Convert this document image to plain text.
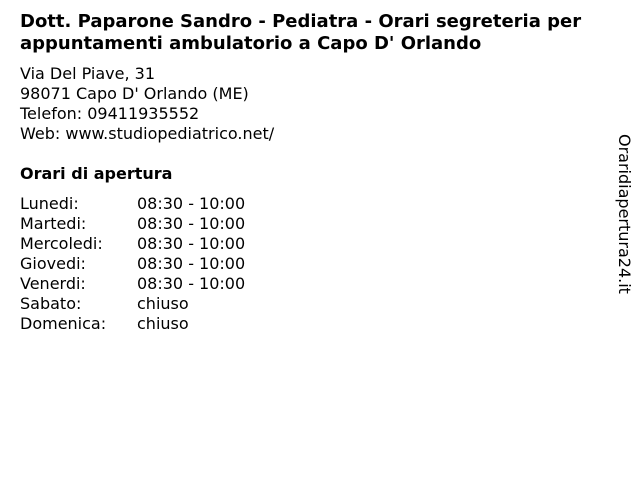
Dott. Paparone Sandro - Pediatra - Orari segreteria per appuntamenti ambulatorio a Capo D' Orlando
Via Del Piave, 31
98071 Capo D' Orlando (ME)
Telefon: 09411935552
Web: www.studiopediatrico.net/
Orari di apertura
Lunedi:	08:30 - 10:00
Martedi:	08:30 - 10:00
Mercoledi: 08:30 - 10:00
Giovedi:	08:30 - 10:00
Venerdi:	08:30 - 10:00
Sabato:	chiuso
Domenica: chiuso
Oraridiapertura24.it
